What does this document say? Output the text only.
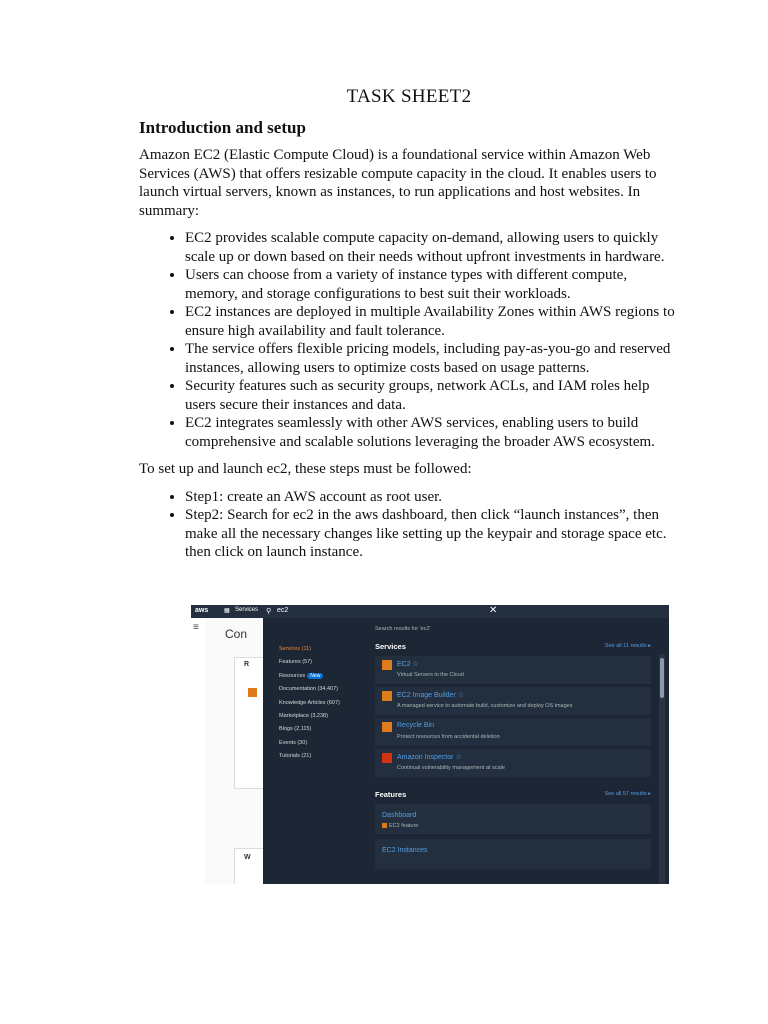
TASK SHEET2
Introduction and setup

Amazon EC2 (Elastic Compute Cloud) is a foundational service within Amazon Web Services (AWS) that offers resizable compute capacity in the cloud. It enables users to launch virtual servers, known as instances, to run applications and host websites. In summary:

• EC2 provides scalable compute capacity on-demand, allowing users to quickly scale up or down based on their needs without upfront investments in hardware.
• Users can choose from a variety of instance types with different compute, memory, and storage configurations to best suit their workloads.
• EC2 instances are deployed in multiple Availability Zones within AWS regions to ensure high availability and fault tolerance.
• The service offers flexible pricing models, including pay-as-you-go and reserved instances, allowing users to optimize costs based on usage patterns.
• Security features such as security groups, network ACLs, and IAM roles help users secure their instances and data.
• EC2 integrates seamlessly with other AWS services, enabling users to build comprehensive and scalable solutions leveraging the broader AWS ecosystem.

To set up and launch ec2, these steps must be followed:

• Step1: create an AWS account as root user.
• Step2: Search for ec2 in the aws dashboard, then click “launch instances”, then make all the necessary changes like setting up the keypair and storage space etc. then click on launch instance.
aws	▦ Services ⚲ ec2	✕
≡ Con
R
W
Services (11)
Features (57)
Resources New
Documentation (34,407)
Knowledge Articles (607)
Marketplace (3,238)
Blogs (2,115)
Events (30)
Tutorials (21)
Search results for 'ec2'
Services	See all 11 results ▸
EC2 ☆
Virtual Servers in the Cloud
EC2 Image Builder ☆
A managed service to automate build, customize and deploy OS images
Recycle Bin
Protect resources from accidental deletion
Amazon Inspector ☆
Continual vulnerability management at scale
Features	See all 57 results ▸
Dashboard
EC2 feature
EC2 Instances
